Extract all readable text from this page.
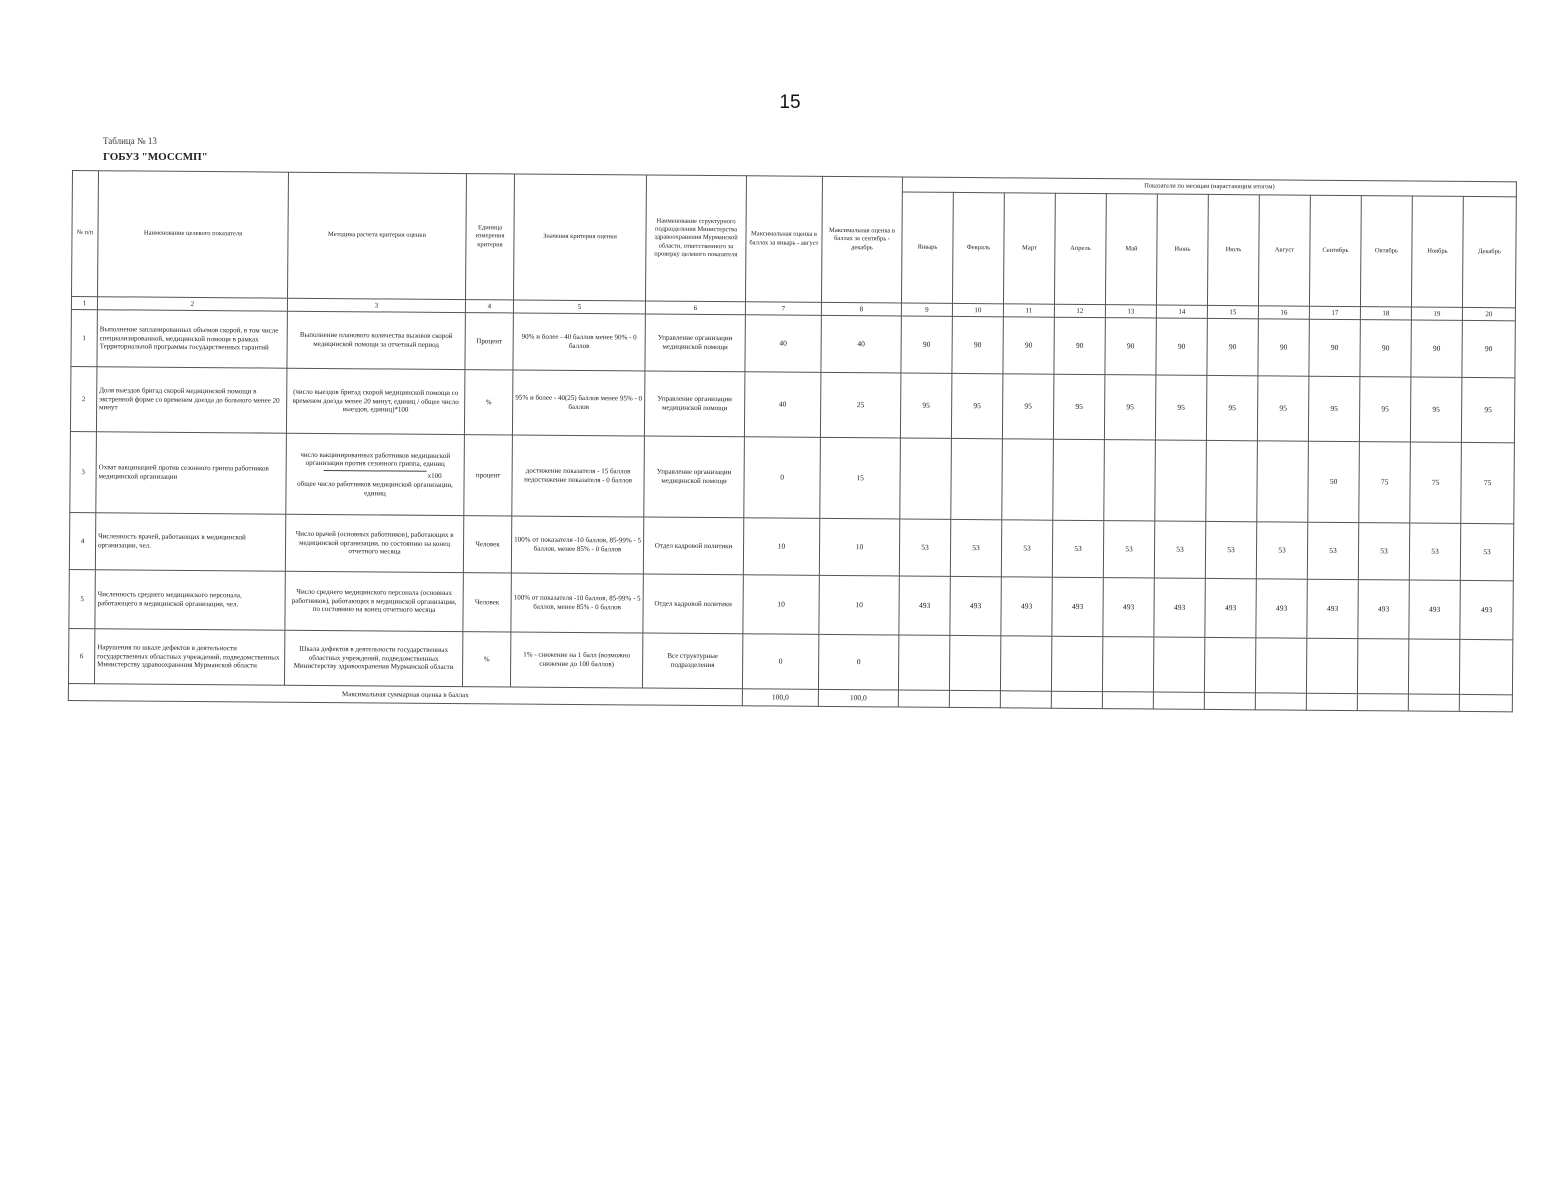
15
Таблица № 13
ГОБУЗ "МОССМП"
№ п/п	Наименование целевого показателя	Методика расчета критерия оценки	Единица измерения критерия	Значения критерия оценки	Наименование структурного подразделения Министерства здравоохранения Мурманской области, ответственного за проверку целевого показателя	Максимальная оценка в баллах за январь - август	Максимальная оценка в баллах за сентябрь - декабрь	Показатели по месяцам (нарастающим итогом)											
								Январь	Февраль	Март	Апрель	Май	Июнь	Июль	Август	Сентябрь	Октябрь	Ноябрь	Декабрь
1	2	3	4	5	6	7	8	9	10	11	12	13	14	15	16	17	18	19	20
1	Выполнение запланированных объемов скорой, в том числе специализированной, медицинской помощи в рамках Территориальной программы государственных гарантий	Выполнение планового количества вызовов скорой медицинской помощи за отчетный период	Процент	90% и более - 40 баллов менее 90% - 0 баллов	Управление организации медицинской помощи	40	40	90	90	90	90	90	90	90	90	90	90	90	90
2	Доля выездов бригад скорой медицинской помощи в экстренной форме со временем доезда до больного менее 20 минут	(число выездов бригад скорой медицинской помощи со временем доезда менее 20 минут, единиц / общее число выездов, единиц)*100	%	95% и более - 40(25) баллов менее 95% - 0 баллов	Управление организации медицинской помощи	40	25	95	95	95	95	95	95	95	95	95	95	95	95
3	Охват вакцинацией против сезонного гриппа работников медицинской организации	число вакцинированных работников медицинской организации против сезонного гриппа, единиц
x100
общее число работников медицинской организации, единиц	процент	достижение показателя - 15 баллов недостижение показателя - 0 баллов	Управление организации медицинской помощи	0	15									50	75	75	75
4	Численность врачей, работающих в медицинской организации, чел.	Число врачей (основных работников), работающих в медицинской организации, по состоянию на конец отчетного месяца	Человек	100% от показателя -10 баллов, 85-99% - 5 баллов, менее 85% - 0 баллов	Отдел кадровой политики	10	10	53	53	53	53	53	53	53	53	53	53	53	53
5	Численность среднего медицинского персонала, работающего в медицинской организации, чел.	Число среднего медицинского персонала (основных работников), работающих в медицинской организации, по состоянию на конец отчетного месяца	Человек	100% от показателя -10 баллов, 85-99% - 5 баллов, менее 85% - 0 баллов	Отдел кадровой политики	10	10	493	493	493	493	493	493	493	493	493	493	493	493
6	Нарушения по шкале дефектов в деятельности государственных областных учреждений, подведомственных Министерству здравоохранения Мурманской области	Шкала дефектов в деятельности государственных областных учреждений, подведомственных Министерству здравоохранения Мурманской области	%	1% - снижение на 1 балл (возможно снижение до 100 баллов)	Все структурные подразделения	0	0												
Максимальная суммарная оценка в баллах						100,0	100,0												
